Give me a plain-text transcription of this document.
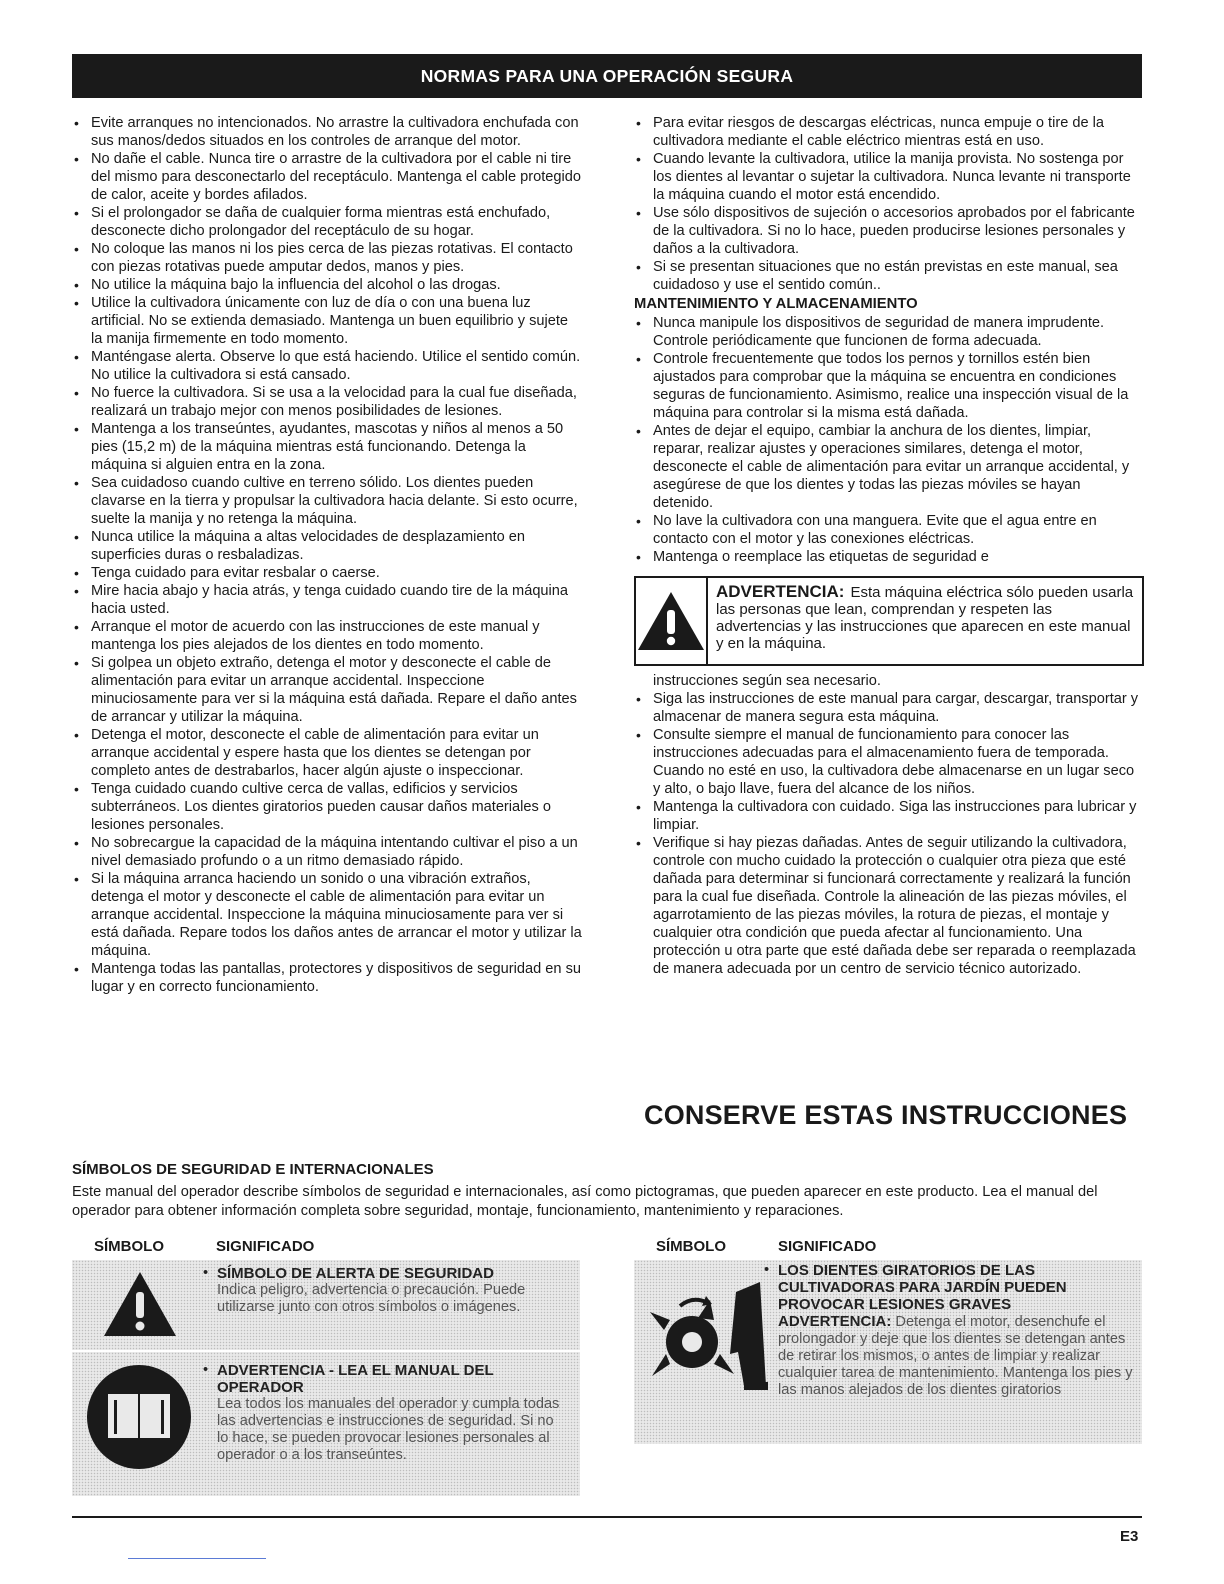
NORMAS PARA UNA OPERACIÓN SEGURA
• Evite arranques no intencionados. No arrastre la cultivadora enchufada con sus manos/dedos situados en los controles de arranque del motor.
• No dañe el cable. Nunca tire o arrastre de la cultivadora por el cable ni tire del mismo para desconectarlo del receptáculo. Mantenga el cable protegido de calor, aceite y bordes afilados.
• Si el prolongador se daña de cualquier forma mientras está enchufado, desconecte dicho prolongador del receptáculo de su hogar.
• No coloque las manos ni los pies cerca de las piezas rotativas. El contacto con piezas rotativas puede amputar dedos, manos y pies.
• No utilice la máquina bajo la influencia del alcohol o las drogas.
• Utilice la cultivadora únicamente con luz de día o con una buena luz artificial. No se extienda demasiado. Mantenga un buen equilibrio y sujete la manija firmemente en todo momento.
• Manténgase alerta. Observe lo que está haciendo. Utilice el sentido común. No utilice la cultivadora si está cansado.
• No fuerce la cultivadora. Si se usa a la velocidad para la cual fue diseñada, realizará un trabajo mejor con menos posibilidades de lesiones.
• Mantenga a los transeúntes, ayudantes, mascotas y niños al menos a 50 pies (15,2 m) de la máquina mientras está funcionando. Detenga la máquina si alguien entra en la zona.
• Sea cuidadoso cuando cultive en terreno sólido. Los dientes pueden clavarse en la tierra y propulsar la cultivadora hacia delante. Si esto ocurre, suelte la manija y no retenga la máquina.
• Nunca utilice la máquina a altas velocidades de desplazamiento en superficies duras o resbaladizas.
• Tenga cuidado para evitar resbalar o caerse.
• Mire hacia abajo y hacia atrás, y tenga cuidado cuando tire de la máquina hacia usted.
• Arranque el motor de acuerdo con las instrucciones de este manual y mantenga los pies alejados de los dientes en todo momento.
• Si golpea un objeto extraño, detenga el motor y desconecte el cable de alimentación para evitar un arranque accidental. Inspeccione minuciosamente para ver si la máquina está dañada. Repare el daño antes de arrancar y utilizar la máquina.
• Detenga el motor, desconecte el cable de alimentación para evitar un arranque accidental y espere hasta que los dientes se detengan por completo antes de destrabarlos, hacer algún ajuste o inspeccionar.
• Tenga cuidado cuando cultive cerca de vallas, edificios y servicios subterráneos. Los dientes giratorios pueden causar daños materiales o lesiones personales.
• No sobrecargue la capacidad de la máquina intentando cultivar el piso a un nivel demasiado profundo o a un ritmo demasiado rápido.
• Si la máquina arranca haciendo un sonido o una vibración extraños, detenga el motor y desconecte el cable de alimentación para evitar un arranque accidental. Inspeccione la máquina minuciosamente para ver si está dañada. Repare todos los daños antes de arrancar el motor y utilizar la máquina.
• Mantenga todas las pantallas, protectores y dispositivos de seguridad en su lugar y en correcto funcionamiento.
• Para evitar riesgos de descargas eléctricas, nunca empuje o tire de la cultivadora mediante el cable eléctrico mientras está en uso.
• Cuando levante la cultivadora, utilice la manija provista. No sostenga por los dientes al levantar o sujetar la cultivadora. Nunca levante ni transporte la máquina cuando el motor está encendido.
• Use sólo dispositivos de sujeción o accesorios aprobados por el fabricante de la cultivadora. Si no lo hace, pueden producirse lesiones personales y daños a la cultivadora.
• Si se presentan situaciones que no están previstas en este manual, sea cuidadoso y use el sentido común..
MANTENIMIENTO Y ALMACENAMIENTO
• Nunca manipule los dispositivos de seguridad de manera imprudente. Controle periódicamente que funcionen de forma adecuada.
• Controle frecuentemente que todos los pernos y tornillos estén bien ajustados para comprobar que la máquina se encuentra en condiciones seguras de funcionamiento. Asimismo, realice una inspección visual de la máquina para controlar si la misma está dañada.
• Antes de dejar el equipo, cambiar la anchura de los dientes, limpiar, reparar, realizar ajustes y operaciones similares, detenga el motor, desconecte el cable de alimentación para evitar un arranque accidental, y asegúrese de que los dientes y todas las piezas móviles se hayan detenido.
• No lave la cultivadora con una manguera. Evite que el agua entre en contacto con el motor y las conexiones eléctricas.
• Mantenga o reemplace las etiquetas de seguridad e
ADVERTENCIA: Esta máquina eléctrica sólo pueden usarla las personas que lean, comprendan y respeten las advertencias y las instrucciones que aparecen en este manual y en la máquina.
instrucciones según sea necesario.
• Siga las instrucciones de este manual para cargar, descargar, transportar y almacenar de manera segura esta máquina.
• Consulte siempre el manual de funcionamiento para conocer las instrucciones adecuadas para el almacenamiento fuera de temporada. Cuando no esté en uso, la cultivadora debe almacenarse en un lugar seco y alto, o bajo llave, fuera del alcance de los niños.
• Mantenga la cultivadora con cuidado. Siga las instrucciones para lubricar y limpiar.
• Verifique si hay piezas dañadas. Antes de seguir utilizando la cultivadora, controle con mucho cuidado la protección o cualquier otra pieza que esté dañada para determinar si funcionará correctamente y realizará la función para la cual fue diseñada. Controle la alineación de las piezas móviles, el agarrotamiento de las piezas móviles, la rotura de piezas, el montaje y cualquier otra condición que pueda afectar al funcionamiento. Una protección u otra parte que esté dañada debe ser reparada o reemplazada de manera adecuada por un centro de servicio técnico autorizado.
CONSERVE ESTAS INSTRUCCIONES
SÍMBOLOS DE SEGURIDAD E INTERNACIONALES
Este manual del operador describe símbolos de seguridad e internacionales, así como pictogramas, que pueden aparecer en este producto. Lea el manual del operador para obtener información completa sobre seguridad, montaje, funcionamiento, mantenimiento y reparaciones.
SÍMBOLO	SIGNIFICADO	SÍMBOLO	SIGNIFICADO
• SÍMBOLO DE ALERTA DE SEGURIDAD
Indica peligro, advertencia o precaución. Puede utilizarse junto con otros símbolos o imágenes.
• ADVERTENCIA - LEA EL MANUAL DEL OPERADOR
Lea todos los manuales del operador y cumpla todas las advertencias e instrucciones de seguridad. Si no lo hace, se pueden provocar lesiones personales al operador o a los transeúntes.
• LOS DIENTES GIRATORIOS DE LAS CULTIVADORAS PARA JARDÍN PUEDEN PROVOCAR LESIONES GRAVES
ADVERTENCIA: Detenga el motor, desenchufe el prolongador y deje que los dientes se detengan antes de retirar los mismos, o antes de limpiar y realizar cualquier tarea de mantenimiento. Mantenga los pies y las manos alejados de los dientes giratorios
E3
